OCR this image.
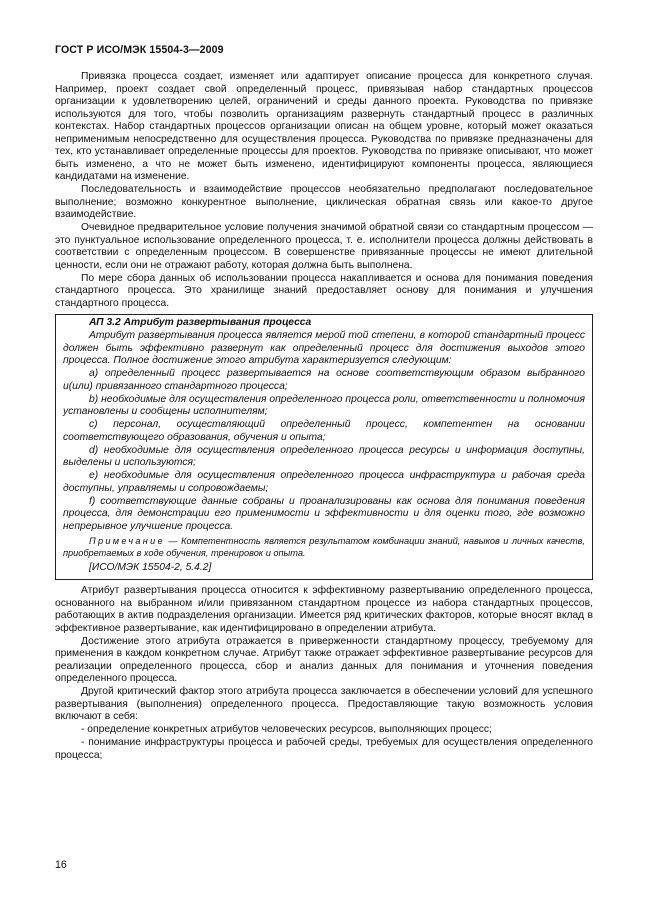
ГОСТ Р ИСО/МЭК 15504-3—2009

Привязка процесса создает, изменяет или адаптирует описание процесса для конкретного случая. Например, проект создает свой определенный процесс, привязывая набор стандартных процессов организации к удовлетворению целей, ограничений и среды данного проекта. Руководства по привязке используются для того, чтобы позволить организациям развернуть стандартный процесс в различных контекстах. Набор стандартных процессов организации описан на общем уровне, который может оказаться неприменимым непосредственно для осуществления процесса. Руководства по привязке предназначены для тех, кто устанавливает определенные процессы для проектов. Руководства по привязке описывают, что может быть изменено, а что не может быть изменено, идентифицируют компоненты процесса, являющиеся кандидатами на изменение.

Последовательность и взаимодействие процессов необязательно предполагают последовательное выполнение; возможно конкурентное выполнение, циклическая обратная связь или какое-то другое взаимодействие.

Очевидное предварительное условие получения значимой обратной связи со стандартным процессом — это пунктуальное использование определенного процесса, т. е. исполнители процесса должны действовать в соответствии с определенным процессом. В совершенстве привязанные процессы не имеют длительной ценности, если они не отражают работу, которая должна быть выполнена.

По мере сбора данных об использовании процесса накапливается и основа для понимания поведения стандартного процесса. Это хранилище знаний предоставляет основу для понимания и улучшения стандартного процесса.

АП 3.2 Атрибут развертывания процесса

Атрибут развертывания процесса является мерой той степени, в которой стандартный процесс должен быть эффективно развернут как определенный процесс для достижения выходов этого процесса. Полное достижение этого атрибута характеризуется следующим:

а) определенный процесс развертывается на основе соответствующим образом выбранного и(или) привязанного стандартного процесса;

b) необходимые для осуществления определенного процесса роли, ответственности и полномочия установлены и сообщены исполнителям;

с) персонал, осуществляющий определенный процесс, компетентен на основании соответствующего образования, обучения и опыта;

d) необходимые для осуществления определенного процесса ресурсы и информация доступны, выделены и используются;

е) необходимые для осуществления определенного процесса инфраструктура и рабочая среда доступны, управляемы и сопровождаемы;

f) соответствующие данные собраны и проанализированы как основа для понимания поведения процесса, для демонстрации его применимости и эффективности и для оценки того, где возможно непрерывное улучшение процесса.

Примечание — Компетентность является результатом комбинации знаний, навыков и личных качеств, приобретаемых в ходе обучения, тренировок и опыта.

[ИСО/МЭК 15504-2, 5.4.2]

Атрибут развертывания процесса относится к эффективному развертыванию определенного процесса, основанного на выбранном и/или привязанном стандартном процессе из набора стандартных процессов, работающих в актив подразделения организации. Имеется ряд критических факторов, которые вносят вклад в эффективное развертывание, как идентифицировано в определении атрибута.

Достижение этого атрибута отражается в приверженности стандартному процессу, требуемому для применения в каждом конкретном случае. Атрибут также отражает эффективное развертывание ресурсов для реализации определенного процесса, сбор и анализ данных для понимания и уточнения поведения определенного процесса.

Другой критический фактор этого атрибута процесса заключается в обеспечении условий для успешного развертывания (выполнения) определенного процесса. Предоставляющие такую возможность условия включают в себя:

- определение конкретных атрибутов человеческих ресурсов, выполняющих процесс;

- понимание инфраструктуры процесса и рабочей среды, требуемых для осуществления определенного процесса;

16
